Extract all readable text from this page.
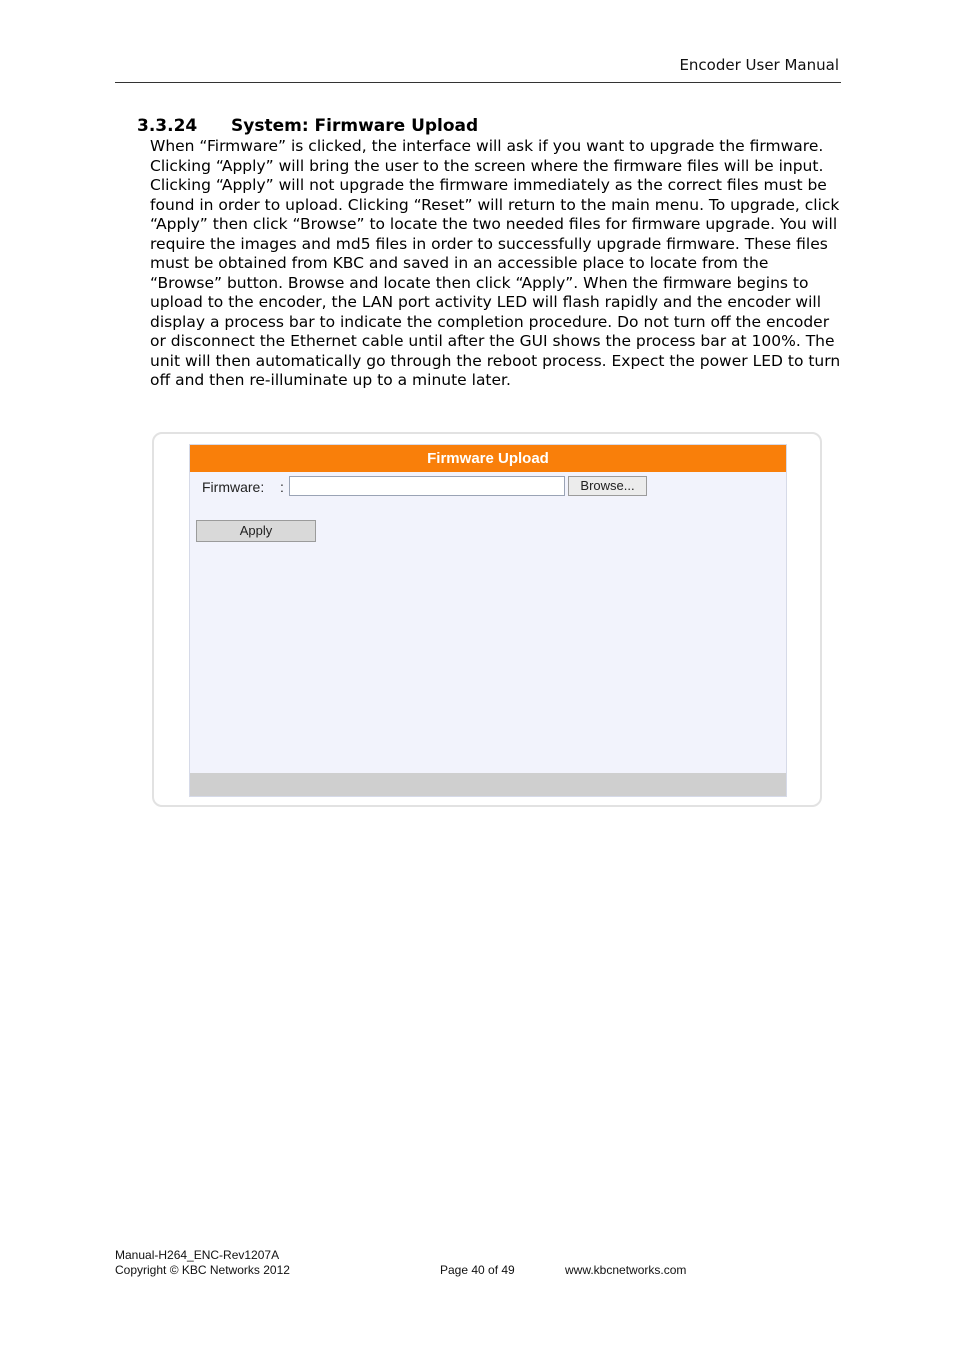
Encoder User Manual
3.3.24 System: Firmware Upload

When “Firmware” is clicked, the interface will ask if you want to upgrade the firmware. Clicking “Apply” will bring the user to the screen where the firmware files will be input. Clicking “Apply” will not upgrade the firmware immediately as the correct files must be found in order to upload. Clicking “Reset” will return to the main menu. To upgrade, click “Apply” then click “Browse” to locate the two needed files for firmware upgrade. You will require the images and md5 files in order to successfully upgrade firmware. These files must be obtained from KBC and saved in an accessible place to locate from the “Browse” button. Browse and locate then click “Apply”. When the firmware begins to upload to the encoder, the LAN port activity LED will flash rapidly and the encoder will display a process bar to indicate the completion procedure. Do not turn off the encoder or disconnect the Ethernet cable until after the GUI shows the process bar at 100%. The unit will then automatically go through the reboot process. Expect the power LED to turn off and then re-illuminate up to a minute later.

Firmware Upload
Firmware: :	Browse...
Apply
Manual-H264_ENC-Rev1207A
Copyright © KBC Networks 2012	Page 40 of 49	www.kbcnetworks.com
